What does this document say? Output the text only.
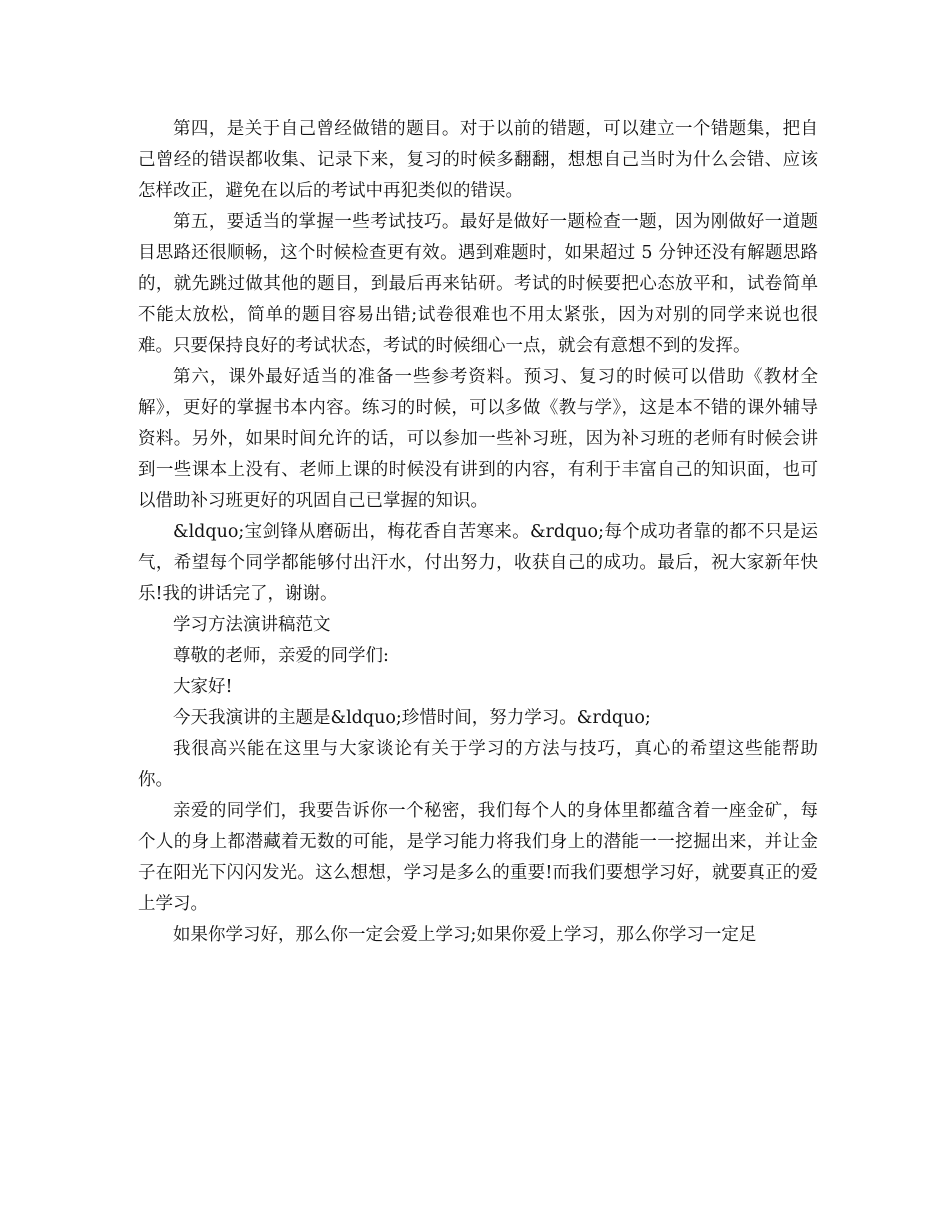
第四，是关于自己曾经做错的题目。对于以前的错题，可以建立一个错题集，把自己曾经的错误都收集、记录下来，复习的时候多翻翻，想想自己当时为什么会错、应该怎样改正，避免在以后的考试中再犯类似的错误。

第五，要适当的掌握一些考试技巧。最好是做好一题检查一题，因为刚做好一道题目思路还很顺畅，这个时候检查更有效。遇到难题时，如果超过 5 分钟还没有解题思路的，就先跳过做其他的题目，到最后再来钻研。考试的时候要把心态放平和，试卷简单不能太放松，简单的题目容易出错;试卷很难也不用太紧张，因为对别的同学来说也很难。只要保持良好的考试状态，考试的时候细心一点，就会有意想不到的发挥。

第六，课外最好适当的准备一些参考资料。预习、复习的时候可以借助《教材全解》，更好的掌握书本内容。练习的时候，可以多做《教与学》，这是本不错的课外辅导资料。另外，如果时间允许的话，可以参加一些补习班，因为补习班的老师有时候会讲到一些课本上没有、老师上课的时候没有讲到的内容，有利于丰富自己的知识面，也可以借助补习班更好的巩固自己已掌握的知识。

&ldquo;宝剑锋从磨砺出，梅花香自苦寒来。&rdquo;每个成功者靠的都不只是运气，希望每个同学都能够付出汗水，付出努力，收获自己的成功。最后，祝大家新年快乐!我的讲话完了，谢谢。

学习方法演讲稿范文

尊敬的老师，亲爱的同学们:

大家好!

今天我演讲的主题是&ldquo;珍惜时间，努力学习。&rdquo;

我很高兴能在这里与大家谈论有关于学习的方法与技巧，真心的希望这些能帮助你。

亲爱的同学们，我要告诉你一个秘密，我们每个人的身体里都蕴含着一座金矿，每个人的身上都潜藏着无数的可能，是学习能力将我们身上的潜能一一挖掘出来，并让金子在阳光下闪闪发光。这么想想，学习是多么的重要!而我们要想学习好，就要真正的爱上学习。

如果你学习好，那么你一定会爱上学习;如果你爱上学习，那么你学习一定足
